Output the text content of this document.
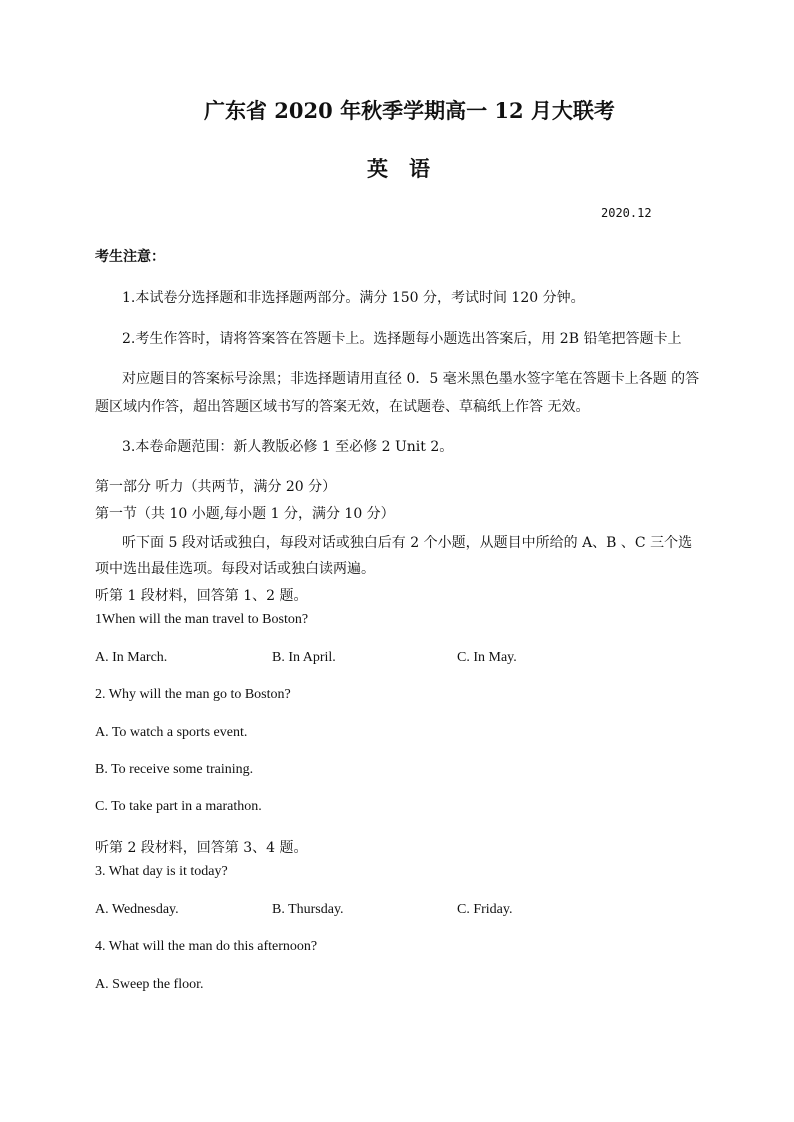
广东省 2020 年秋季学期高一 12 月大联考
英　语
2020.12
考生注意：
1.本试卷分选择题和非选择题两部分。满分 150 分，考试时间 120 分钟。
2.考生作答时，请将答案答在答题卡上。选择题每小题选出答案后，用 2B 铅笔把答题卡上
对应题目的答案标号涂黑；非选择题请用直径 0．5 毫米黑色墨水签字笔在答题卡上各题 的答
题区域内作答，超出答题区域书写的答案无效，在试题卷、草稿纸上作答 无效。
3.本卷命题范围：新人教版必修 1 至必修 2 Unit 2。
第一部分 听力（共两节，满分 20 分）
第一节（共 10 小题,每小题 1 分，满分 10 分）
听下面 5 段对话或独白，每段对话或独白后有 2 个小题，从题目中所给的 A、B 、C 三个选
项中选出最佳选项。每段对话或独白读两遍。
听第 1 段材料，回答第 1、2 题。
1When will the man travel to Boston?
A. In March.	B. In April.	C. In May.
2. Why will the man go to Boston?
A. To watch a sports event.
B. To receive some training.
C. To take part in a marathon.
听第 2 段材料，回答第 3、4 题。
3. What day is it today?
A. Wednesday.	B. Thursday.	C. Friday.
4. What will the man do this afternoon?
A. Sweep the floor.
